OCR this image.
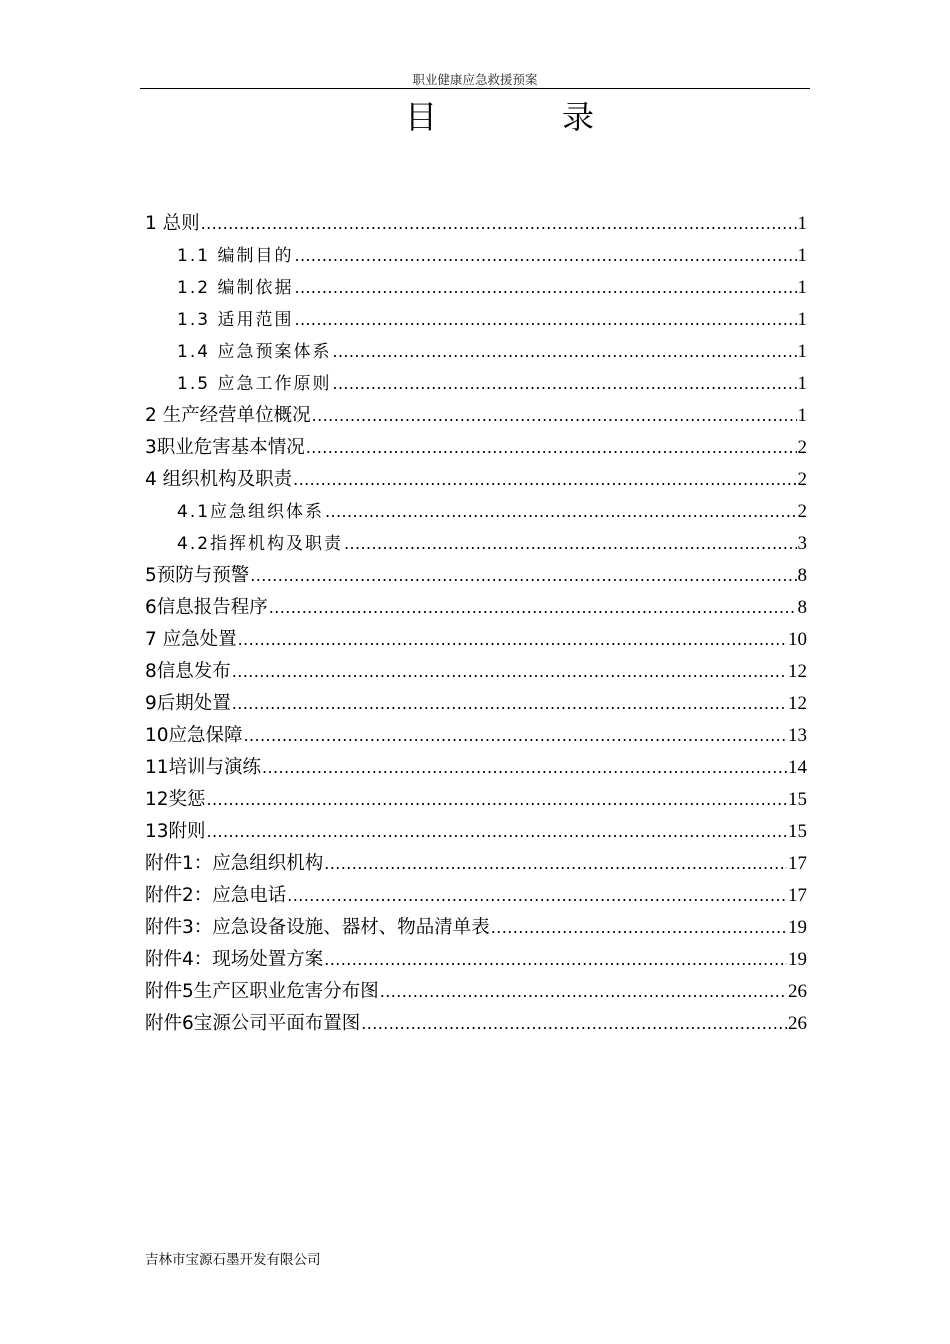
职业健康应急救援预案
目	录
1 总则 .....	1
1.1 编制目的 .....	1
1.2 编制依据 .....	1
1.3 适用范围 .....	1
1.4 应急预案体系 .....	1
1.5 应急工作原则 .....	1
2 生产经营单位概况 .....	1
3职业危害基本情况 .....	2
4 组织机构及职责 .....	2
4.1应急组织体系 .....	2
4.2指挥机构及职责 .....	3
5预防与预警 .....	8
6信息报告程序 .....	8
7 应急处置 .....	10
8信息发布 .....	12
9后期处置 .....	12
10应急保障 .....	13
11培训与演练 .....	14
12奖惩 .....	15
13附则 .....	15
附件1：应急组织机构 .....	17
附件2：应急电话 .....	17
附件3：应急设备设施、器材、物品清单表 .....	19
附件4：现场处置方案 .....	19
附件5生产区职业危害分布图 .....	26
附件6宝源公司平面布置图 .....	26
吉林市宝源石墨开发有限公司
